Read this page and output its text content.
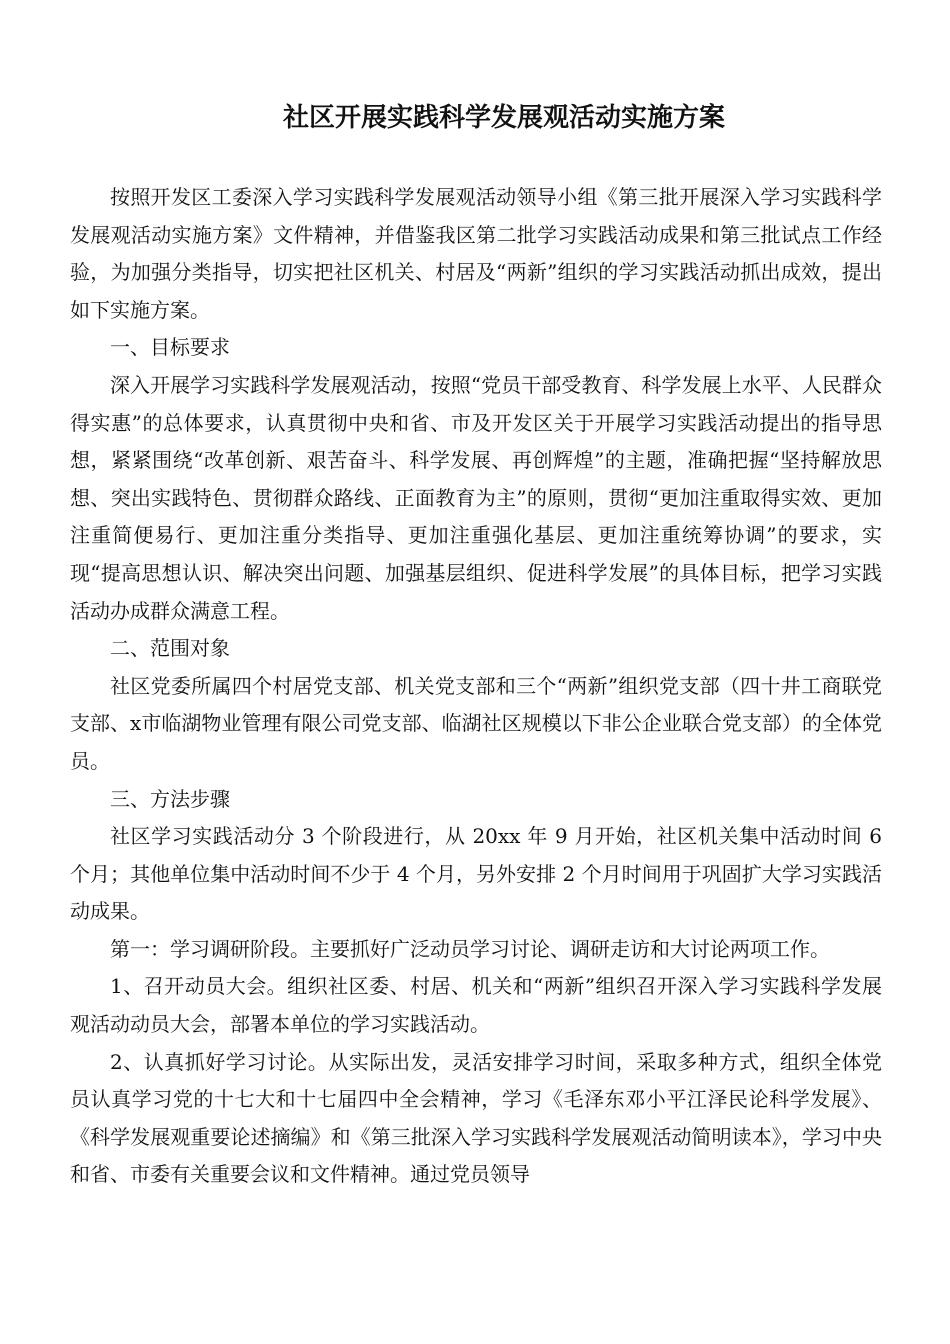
社区开展实践科学发展观活动实施方案

按照开发区工委深入学习实践科学发展观活动领导小组《第三批开展深入学习实践科学发展观活动实施方案》文件精神，并借鉴我区第二批学习实践活动成果和第三批试点工作经验，为加强分类指导，切实把社区机关、村居及“两新”组织的学习实践活动抓出成效，提出如下实施方案。

一、目标要求

深入开展学习实践科学发展观活动，按照“党员干部受教育、科学发展上水平、人民群众得实惠”的总体要求，认真贯彻中央和省、市及开发区关于开展学习实践活动提出的指导思想，紧紧围绕“改革创新、艰苦奋斗、科学发展、再创辉煌”的主题，准确把握“坚持解放思想、突出实践特色、贯彻群众路线、正面教育为主”的原则，贯彻“更加注重取得实效、更加注重简便易行、更加注重分类指导、更加注重强化基层、更加注重统筹协调”的要求，实现“提高思想认识、解决突出问题、加强基层组织、促进科学发展”的具体目标，把学习实践活动办成群众满意工程。

二、范围对象

社区党委所属四个村居党支部、机关党支部和三个“两新”组织党支部（四十井工商联党支部、x市临湖物业管理有限公司党支部、临湖社区规模以下非公企业联合党支部）的全体党员。

三、方法步骤

社区学习实践活动分 3 个阶段进行，从 20xx 年 9 月开始，社区机关集中活动时间 6 个月；其他单位集中活动时间不少于 4 个月，另外安排 2 个月时间用于巩固扩大学习实践活动成果。

第一：学习调研阶段。主要抓好广泛动员学习讨论、调研走访和大讨论两项工作。

1、召开动员大会。组织社区委、村居、机关和“两新”组织召开深入学习实践科学发展观活动动员大会，部署本单位的学习实践活动。

2、认真抓好学习讨论。从实际出发，灵活安排学习时间，采取多种方式，组织全体党员认真学习党的十七大和十七届四中全会精神，学习《毛泽东邓小平江泽民论科学发展》、《科学发展观重要论述摘编》和《第三批深入学习实践科学发展观活动简明读本》，学习中央和省、市委有关重要会议和文件精神。通过党员领导
